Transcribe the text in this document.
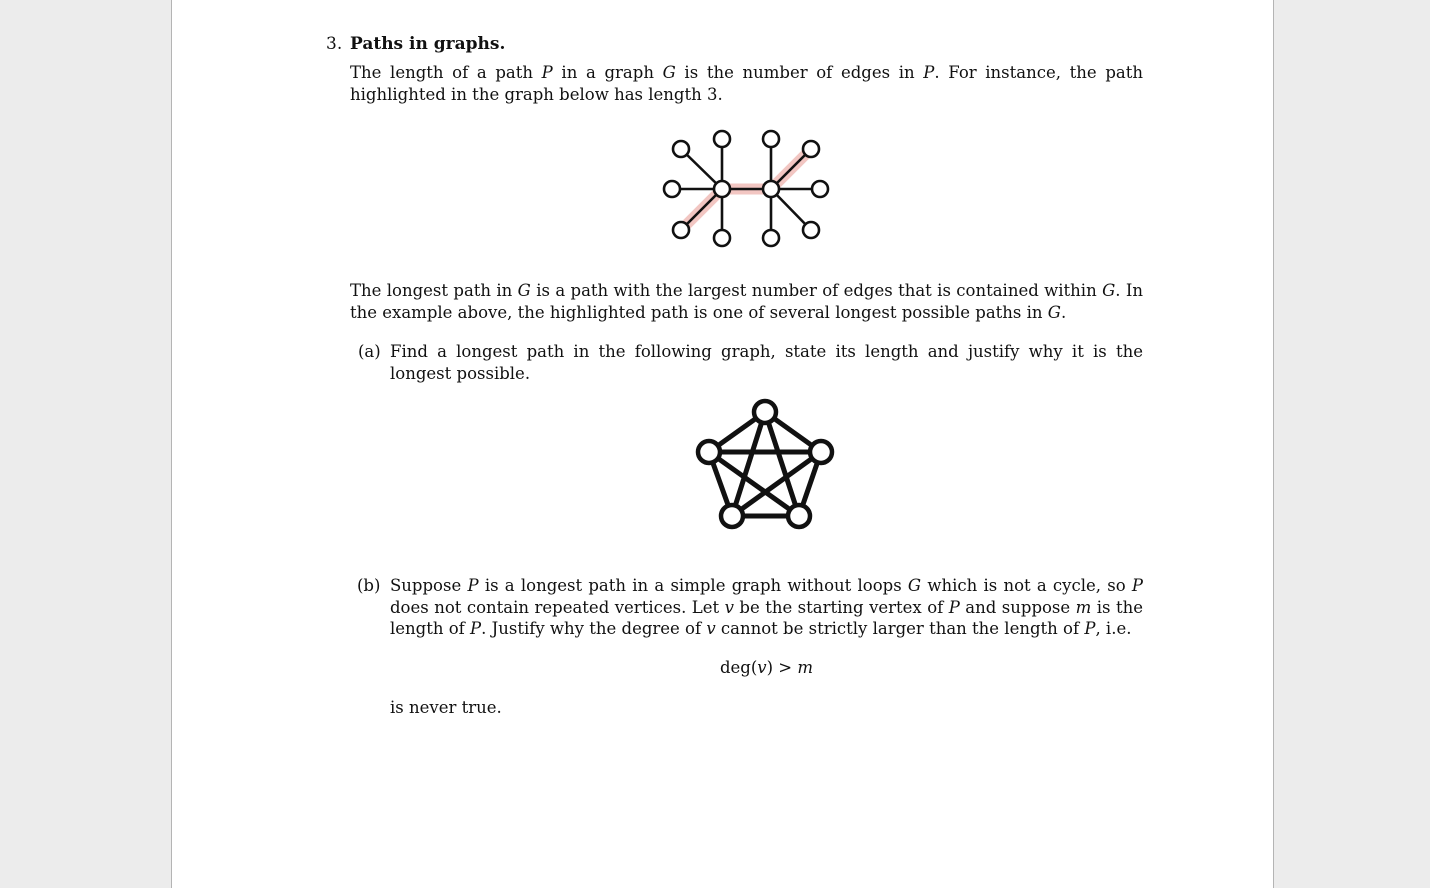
3. Paths in graphs.
The length of a path P in a graph G is the number of edges in P. For instance, the path highlighted in the graph below has length 3.
The longest path in G is a path with the largest number of edges that is contained within G. In the example above, the highlighted path is one of several longest possible paths in G.
(a) Find a longest path in the following graph, state its length and justify why it is the longest possible.
(b) Suppose P is a longest path in a simple graph without loops G which is not a cycle, so P does not contain repeated vertices. Let v be the starting vertex of P and suppose m is the length of P. Justify why the degree of v cannot be strictly larger than the length of P, i.e.
deg(v) > m
is never true.
